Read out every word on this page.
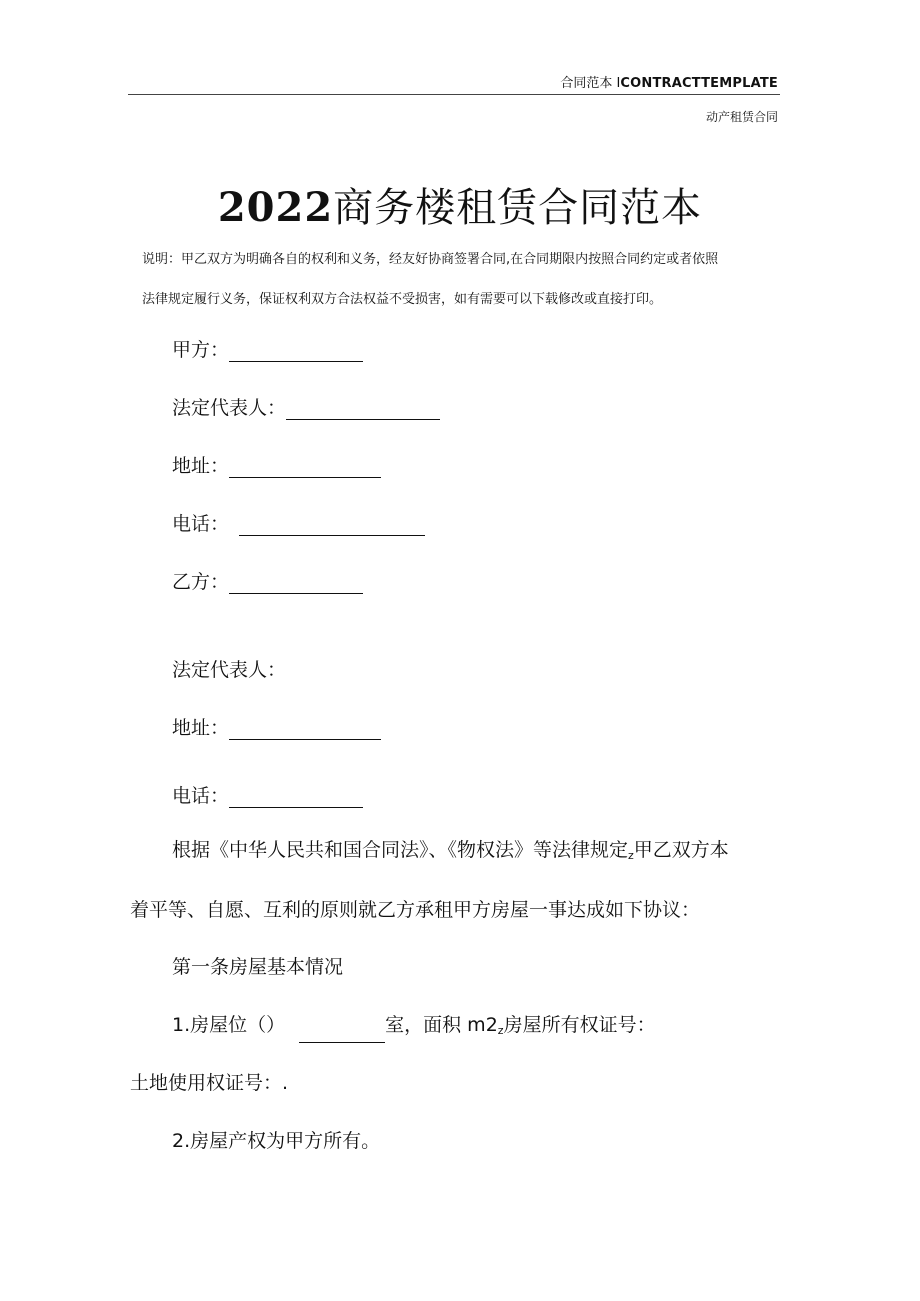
合同范本 ICONTRACTTEMPLATE
动产租赁合同
2022商务楼租赁合同范本
说明：甲乙双方为明确各自的权利和义务，经友好协商签署合同,在合同期限内按照合同约定或者依照
法律规定履行义务，保证权利双方合法权益不受损害，如有需要可以下载修改或直接打印。
甲方：
法定代表人：
地址：
电话：
乙方：
法定代表人：
地址：
电话：
根据《中华人民共和国合同法》、《物权法》等法律规定$_z$甲乙双方本
着平等、自愿、互利的原则就乙方承租甲方房屋一事达成如下协议：
第一条房屋基本情况
1.房屋位（）	室，面积 $m2_z$房屋所有权证号：
土地使用权证号：.
2.房屋产权为甲方所有。
